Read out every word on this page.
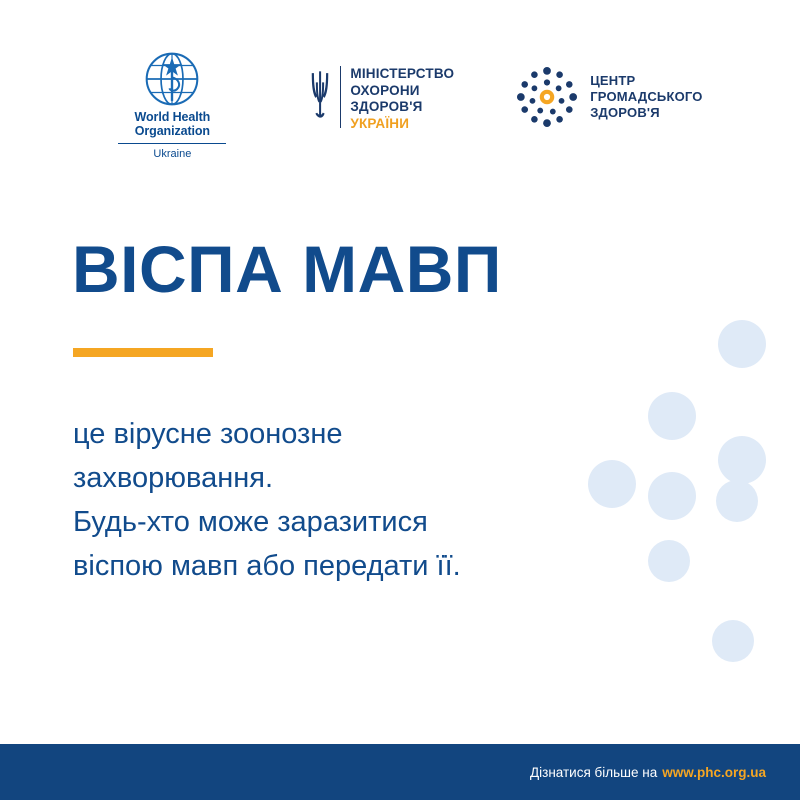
World Health
Organization
Ukraine
МІНІСТЕРСТВО
ОХОРОНИ
ЗДОРОВ'Я
УКРАЇНИ
ЦЕНТР
ГРОМАДСЬКОГО
ЗДОРОВ'Я
ВІСПА МАВП

це вірусне зоонозне

захворювання.

Будь-хто може заразитися

віспою мавп або передати її.

Дізнатися більше на www.phc.org.ua
